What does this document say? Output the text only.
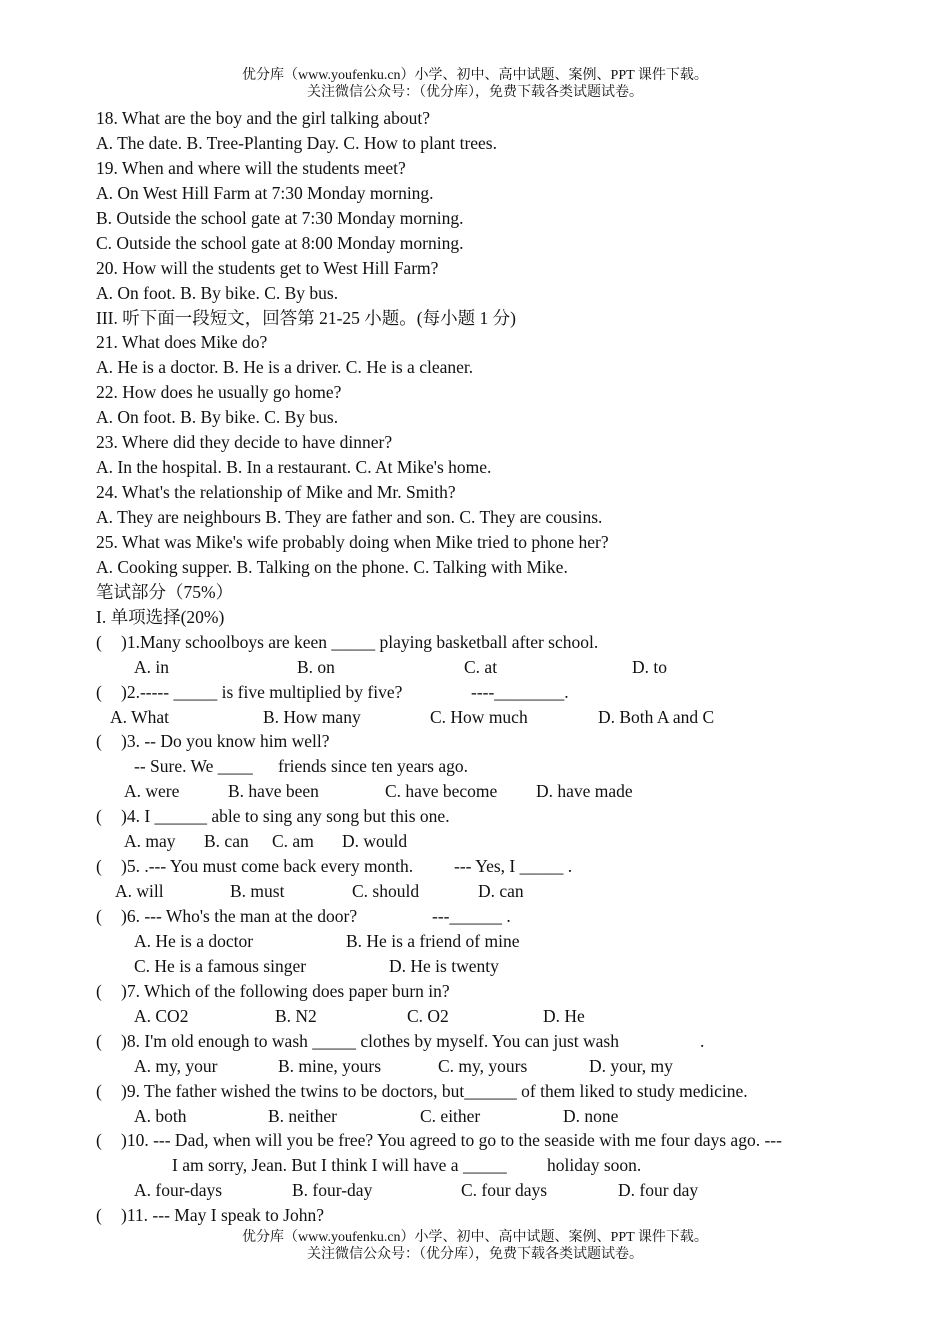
优分库（www.youfenku.cn）小学、初中、高中试题、案例、PPT 课件下载。
关注微信公众号：（优分库），免费下载各类试题试卷。
18. What are the boy and the girl talking about?
A. The date. B. Tree-Planting Day. C. How to plant trees.
19. When and where will the students meet?
A. On West Hill Farm at 7:30 Monday morning.
B. Outside the school gate at 7:30 Monday morning.
C. Outside the school gate at 8:00 Monday morning.
20. How will the students get to West Hill Farm?
A. On foot. B. By bike. C. By bus.
III. 听下面一段短文，回答第 21-25 小题。(每小题 1 分)
21. What does Mike do?
A. He is a doctor. B. He is a driver. C. He is a cleaner.
22. How does he usually go home?
A. On foot. B. By bike. C. By bus.
23. Where did they decide to have dinner?
A. In the hospital. B. In a restaurant. C. At Mike's home.
24. What's the relationship of Mike and Mr. Smith?
A. They are neighbours B. They are father and son. C. They are cousins.
25. What was Mike's wife probably doing when Mike tried to phone her?
A. Cooking supper. B. Talking on the phone. C. Talking with Mike.
笔试部分（75%）
I. 单项选择(20%)
( )1.Many schoolboys are keen _____ playing basketball after school.
A. in	B. on	C. at	D. to
( )2.----- _____ is five multiplied by five?	----________.
A. What	B. How many	C. How much	D. Both A and C
( )3. -- Do you know him well?
-- Sure. We ____ friends since ten years ago.
A. were	B. have been	C. have become D. have made
( )4. I ______ able to sing any song but this one.
A. may B. can C. am D. would
( )5. .--- You must come back every month. --- Yes, I _____ .
A. will	B. must	C. should	D. can
( )6. --- Who's the man at the door?	---______ .
A. He is a doctor	B. He is a friend of mine
C. He is a famous singer	D. He is twenty
( )7. Which of the following does paper burn in?
A. CO2	B. N2	C. O2	D. He
( )8. I'm old enough to wash _____ clothes by myself. You can just wash	.
A. my, your	B. mine, yours	C. my, yours	D. your, my
( )9. The father wished the twins to be doctors, but______ of them liked to study medicine.
A. both	B. neither	C. either	D. none
( )10. --- Dad, when will you be free? You agreed to go to the seaside with me four days ago. ---
I am sorry, Jean. But I think I will have a _____ holiday soon.
A. four-days	B. four-day	C. four days	D. four day
( )11. --- May I speak to John?
优分库（www.youfenku.cn）小学、初中、高中试题、案例、PPT 课件下载。
关注微信公众号：（优分库），免费下载各类试题试卷。
